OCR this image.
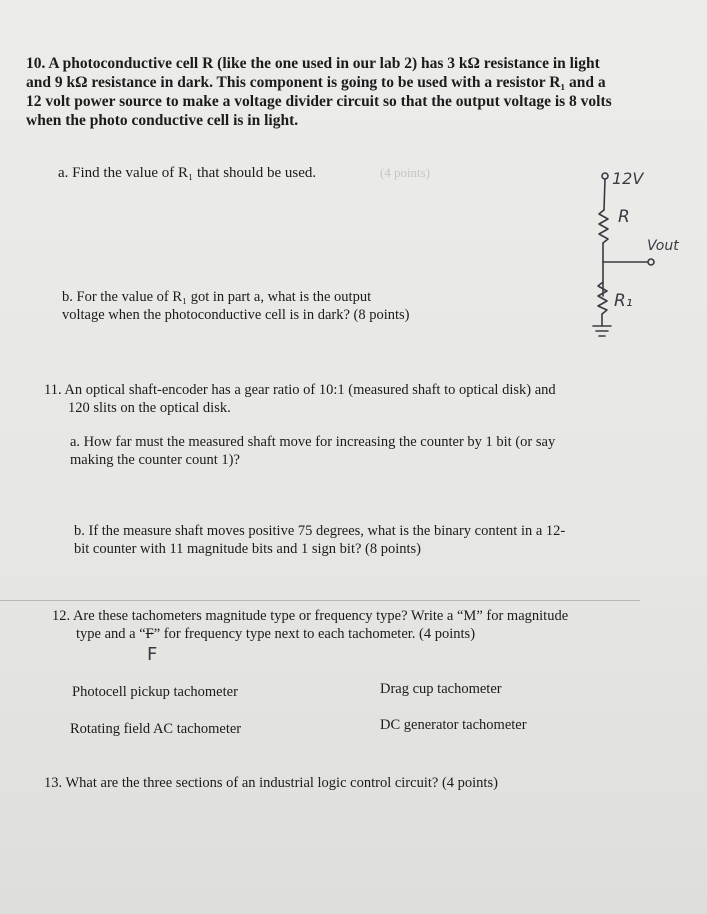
10. A photoconductive cell R (like the one used in our lab 2) has 3 kΩ resistance in light
and 9 kΩ resistance in dark. This component is going to be used with a resistor R₁ and a
12 volt power source to make a voltage divider circuit so that the output voltage is 8 volts
when the photo conductive cell is in light.
a. Find the value of R₁ that should be used.	(4 points)
b. For the value of R₁ got in part a, what is the output
voltage when the photoconductive cell is in dark? (8 points)
12V
R
Vout
R₁
11. An optical shaft-encoder has a gear ratio of 10:1 (measured shaft to optical disk) and
120 slits on the optical disk.
a. How far must the measured shaft move for increasing the counter by 1 bit (or say
making the counter count 1)?
b. If the measure shaft moves positive 75 degrees, what is the binary content in a 12-
bit counter with 11 magnitude bits and 1 sign bit? (8 points)
12. Are these tachometers magnitude type or frequency type? Write a “M” for magnitude
type and a “F” for frequency type next to each tachometer. (4 points)
F
Photocell pickup tachometer	Drag cup tachometer
Rotating field AC tachometer	DC generator tachometer
13. What are the three sections of an industrial logic control circuit? (4 points)
